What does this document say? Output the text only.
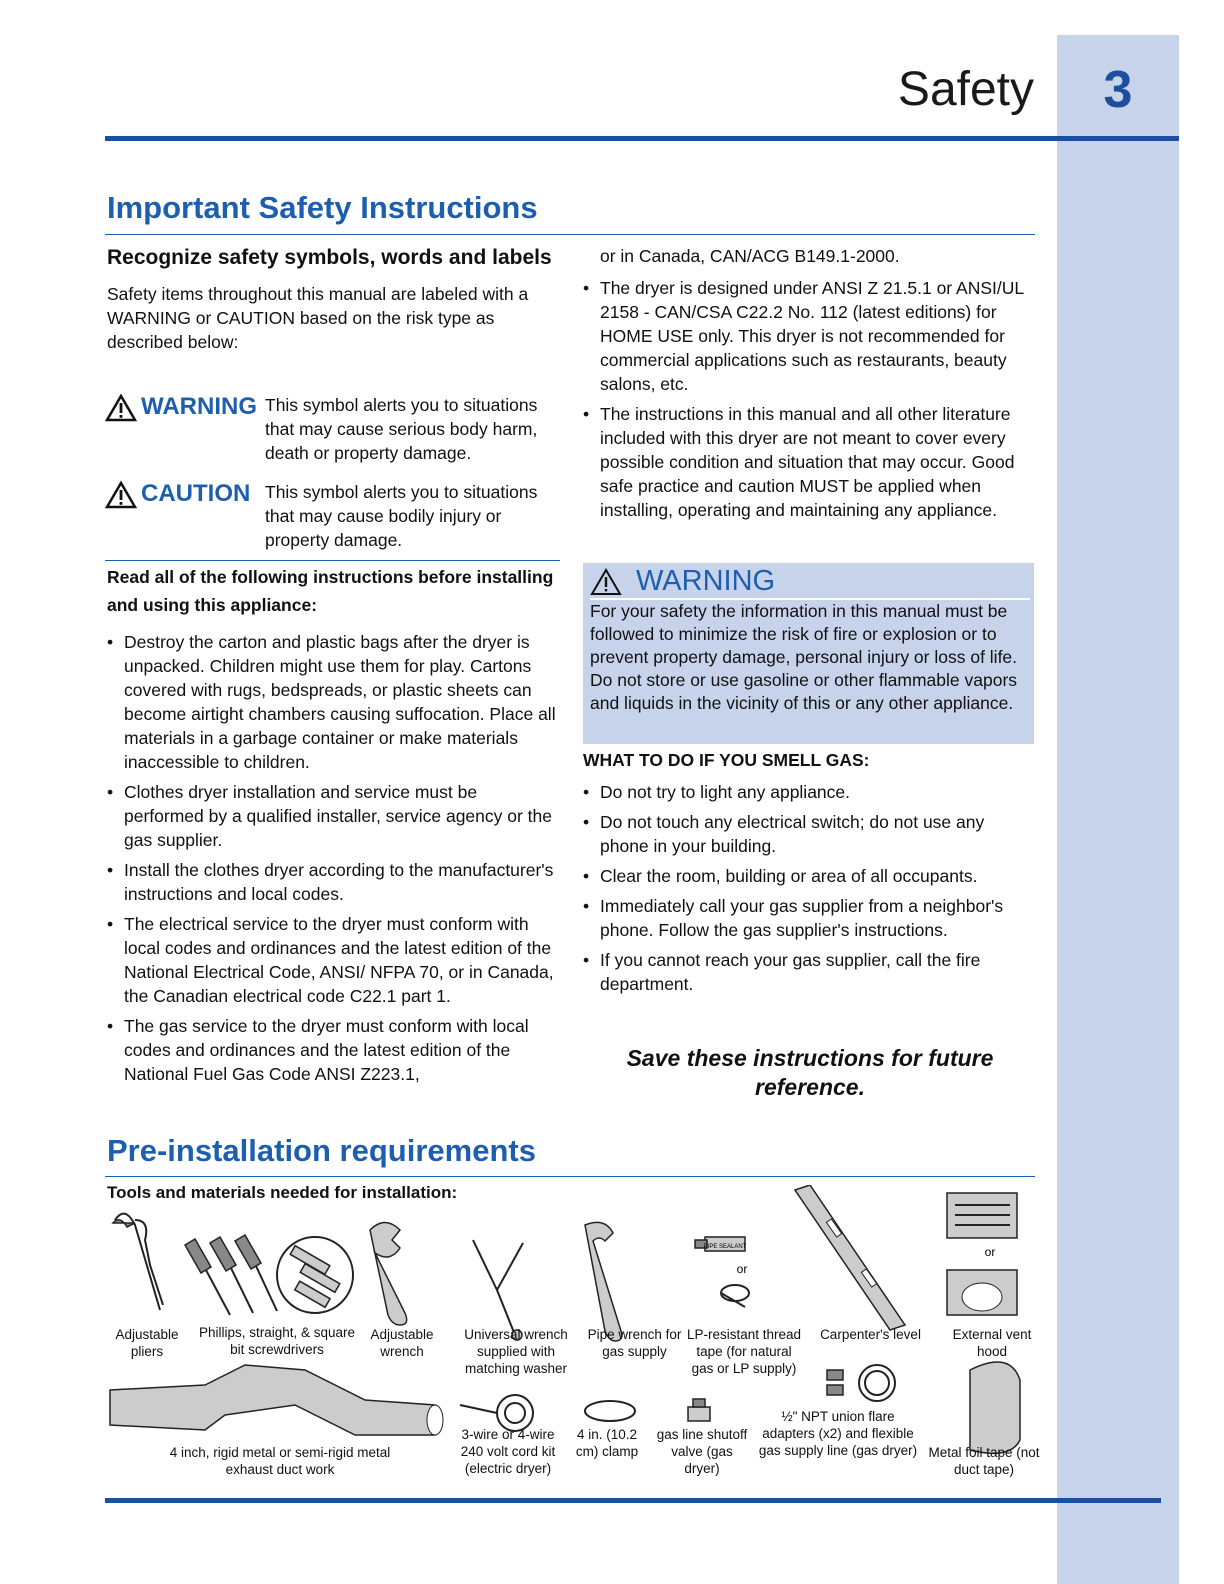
3
Safety
Important Safety Instructions
Recognize safety symbols, words and labels

Safety items throughout this manual are labeled with a WARNING or CAUTION based on the risk type as described below:

WARNING This symbol alerts you to situations that may cause serious body harm, death or property damage.
CAUTION This symbol alerts you to situations that may cause bodily injury or property damage.

Read all of the following instructions before installing and using this appliance:

• Destroy the carton and plastic bags after the dryer is unpacked. Children might use them for play. Cartons covered with rugs, bedspreads, or plastic sheets can become airtight chambers causing suffocation. Place all materials in a garbage container or make materials inaccessible to children.
• Clothes dryer installation and service must be performed by a qualified installer, service agency or the gas supplier.
• Install the clothes dryer according to the manufacturer's instructions and local codes.
• The electrical service to the dryer must conform with local codes and ordinances and the latest edition of the National Electrical Code, ANSI/ NFPA 70, or in Canada, the Canadian electrical code C22.1 part 1.
• The gas service to the dryer must conform with local codes and ordinances and the latest edition of the National Fuel Gas Code ANSI Z223.1,

or in Canada, CAN/ACG B149.1-2000.

• The dryer is designed under ANSI Z 21.5.1 or ANSI/UL 2158 - CAN/CSA C22.2 No. 112 (latest editions) for HOME USE only. This dryer is not recommended for commercial applications such as restaurants, beauty salons, etc.
• The instructions in this manual and all other literature included with this dryer are not meant to cover every possible condition and situation that may occur. Good safe practice and caution MUST be applied when installing, operating and maintaining any appliance.
WARNING
For your safety the information in this manual must be followed to minimize the risk of fire or explosion or to prevent property damage, personal injury or loss of life. Do not store or use gasoline or other flammable vapors and liquids in the vicinity of this or any other appliance.

WHAT TO DO IF YOU SMELL GAS:

• Do not try to light any appliance.
• Do not touch any electrical switch; do not use any phone in your building.
• Clear the room, building or area of all occupants.
• Immediately call your gas supplier from a neighbor's phone. Follow the gas supplier's instructions.
• If you cannot reach your gas supplier, call the fire department.
Save these instructions for future reference.
Pre-installation requirements
Tools and materials needed for installation:
PIPE SEALANT
or
or
Adjustable pliers
Phillips, straight, & square bit screwdrivers
Adjustable wrench
Universal wrench supplied with matching washer
Pipe wrench for gas supply
LP-resistant thread tape (for natural gas or LP supply)
Carpenter's level	External vent hood
4 inch, rigid metal or semi-rigid metal exhaust duct work
3-wire or 4-wire 240 volt cord kit (electric dryer)
4 in. (10.2 cm) clamp
gas line shutoff valve (gas dryer)
½" NPT union flare adapters (x2) and flexible gas supply line (gas dryer) Metal foil tape (not duct tape)
